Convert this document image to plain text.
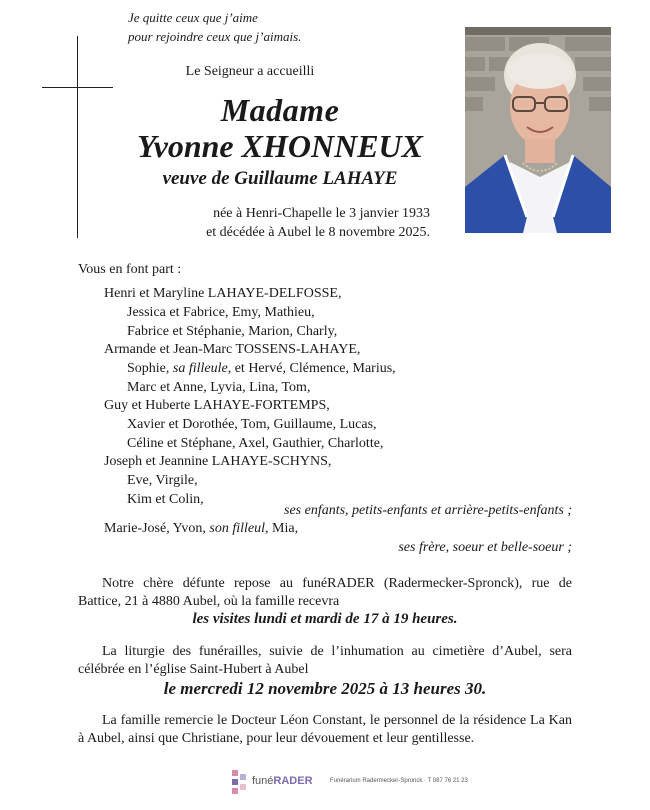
Je quitte ceux que j’aime
pour rejoindre ceux que j’aimais.
Le Seigneur a accueilli
Madame
Yvonne XHONNEUX
veuve de Guillaume LAHAYE
née à Henri-Chapelle le 3 janvier 1933
et décédée à Aubel le 8 novembre 2025.
Vous en font part :
Henri et Maryline LAHAYE-DELFOSSE,
Jessica et Fabrice, Emy, Mathieu,
Fabrice et Stéphanie, Marion, Charly,
Armande et Jean-Marc TOSSENS-LAHAYE,
Sophie, sa filleule, et Hervé, Clémence, Marius,
Marc et Anne, Lyvia, Lina, Tom,
Guy et Huberte LAHAYE-FORTEMPS,
Xavier et Dorothée, Tom, Guillaume, Lucas,
Céline et Stéphane, Axel, Gauthier, Charlotte,
Joseph et Jeannine LAHAYE-SCHYNS,
Eve, Virgile,
Kim et Colin,
ses enfants, petits-enfants et arrière-petits-enfants ;
Marie-José, Yvon, son filleul, Mia,
ses frère, soeur et belle-soeur ;
Notre chère défunte repose au funéRADER (Radermecker-Spronck), rue de Battice, 21 à 4880 Aubel, où la famille recevra
les visites lundi et mardi de 17 à 19 heures.
La liturgie des funérailles, suivie de l’inhumation au cimetière d’Aubel, sera célébrée en l’église Saint-Hubert à Aubel
le mercredi 12 novembre 2025 à 13 heures 30.
La famille remercie le Docteur Léon Constant, le personnel de la résidence La Kan à Aubel, ainsi que Christiane, pour leur dévouement et leur gentillesse.
funéRADER	Funérarium Radermecker-Spronck · T 087 76 21 23
